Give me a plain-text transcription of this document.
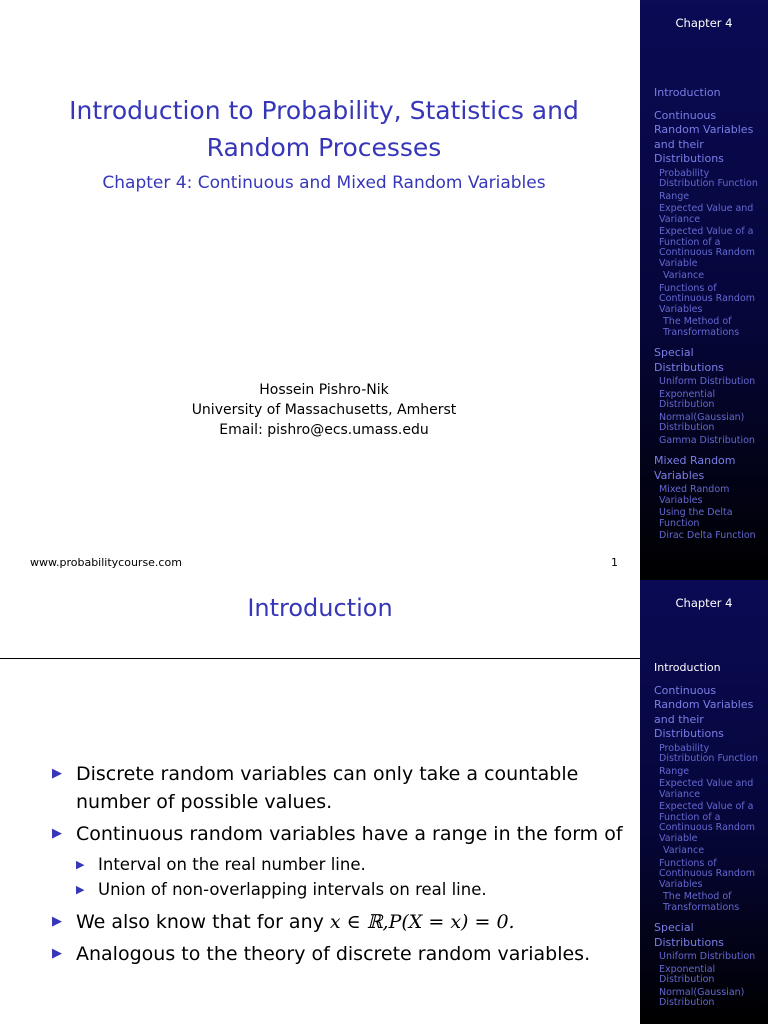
Introduction to Probability, Statistics and Random Processes
Chapter 4: Continuous and Mixed Random Variables
Hossein Pishro-Nik
University of Massachusetts, Amherst
Email: pishro@ecs.umass.edu
www.probabilitycourse.com	1
Chapter 4
Introduction
Continuous Random Variables and their Distributions
Probability Distribution Function
Range
Expected Value and Variance
Expected Value of a Function of a Continuous Random Variable
Variance
Functions of Continuous Random Variables
The Method of Transformations
Special Distributions
Uniform Distribution
Exponential Distribution
Normal(Gaussian) Distribution
Gamma Distribution
Mixed Random Variables
Mixed Random Variables
Using the Delta Function
Dirac Delta Function
Introduction
▶ Discrete random variables can only take a countable number of possible values.
▶ Continuous random variables have a range in the form of
▶ Interval on the real number line.
▶ Union of non-overlapping intervals on real line.
▶ We also know that for any x ∈ ℝ,P(X = x) = 0.
▶ Analogous to the theory of discrete random variables.
Chapter 4
Introduction
Continuous Random Variables and their Distributions
Probability Distribution Function
Range
Expected Value and Variance
Expected Value of a Function of a Continuous Random Variable
Variance
Functions of Continuous Random Variables
The Method of Transformations
Special Distributions
Uniform Distribution
Exponential Distribution
Normal(Gaussian) Distribution
